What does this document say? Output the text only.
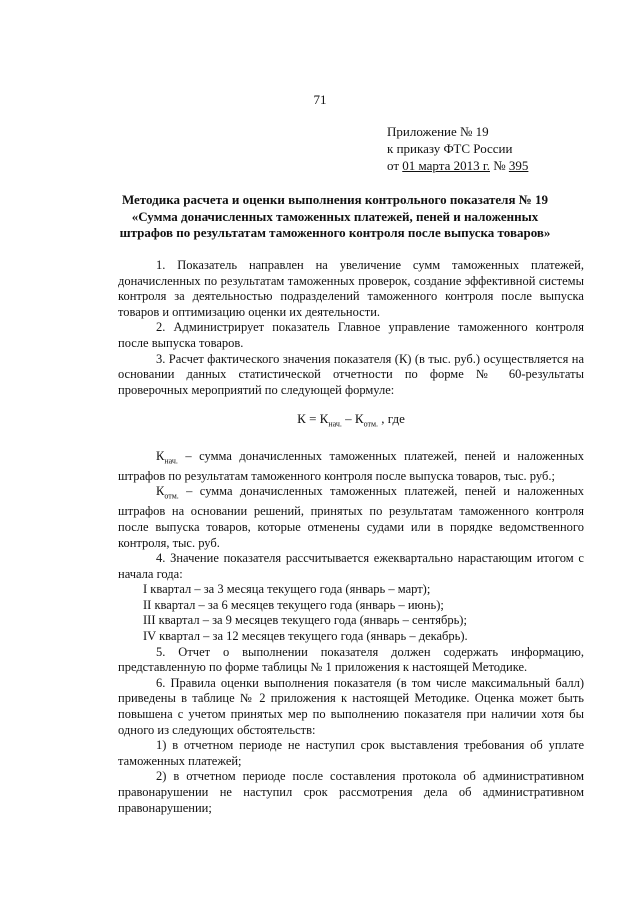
71
Приложение № 19
к приказу ФТС России
от 01 марта 2013 г. № 395
Методика расчета и оценки выполнения контрольного показателя № 19
«Сумма доначисленных таможенных платежей, пеней и наложенных
штрафов по результатам таможенного контроля после выпуска товаров»

1. Показатель направлен на увеличение сумм таможенных платежей, доначисленных по результатам таможенных проверок, создание эффективной системы контроля за деятельностью подразделений таможенного контроля после выпуска товаров и оптимизацию оценки их деятельности.

2. Администрирует показатель Главное управление таможенного контроля после выпуска товаров.

3. Расчет фактического значения показателя (К) (в тыс. руб.) осуществляется на основании данных статистической отчетности по форме № 60-результаты проверочных мероприятий по следующей формуле:

$К = К_{нач.} - К_{отм.}$ , где

$К_{нач.}$ – сумма доначисленных таможенных платежей, пеней и наложенных штрафов по результатам таможенного контроля после выпуска товаров, тыс. руб.;

$К_{отм.}$ – сумма доначисленных таможенных платежей, пеней и наложенных штрафов на основании решений, принятых по результатам таможенного контроля после выпуска товаров, которые отменены судами или в порядке ведомственного контроля, тыс. руб.

4. Значение показателя рассчитывается ежеквартально нарастающим итогом с начала года:

I квартал – за 3 месяца текущего года (январь – март);

II квартал – за 6 месяцев текущего года (январь – июнь);

III квартал – за 9 месяцев текущего года (январь – сентябрь);

IV квартал – за 12 месяцев текущего года (январь – декабрь).

5. Отчет о выполнении показателя должен содержать информацию, представленную по форме таблицы № 1 приложения к настоящей Методике.

6. Правила оценки выполнения показателя (в том числе максимальный балл) приведены в таблице № 2 приложения к настоящей Методике. Оценка может быть повышена с учетом принятых мер по выполнению показателя при наличии хотя бы одного из следующих обстоятельств:

1) в отчетном периоде не наступил срок выставления требования об уплате таможенных платежей;

2) в отчетном периоде после составления протокола об административном правонарушении не наступил срок рассмотрения дела об административном правонарушении;
